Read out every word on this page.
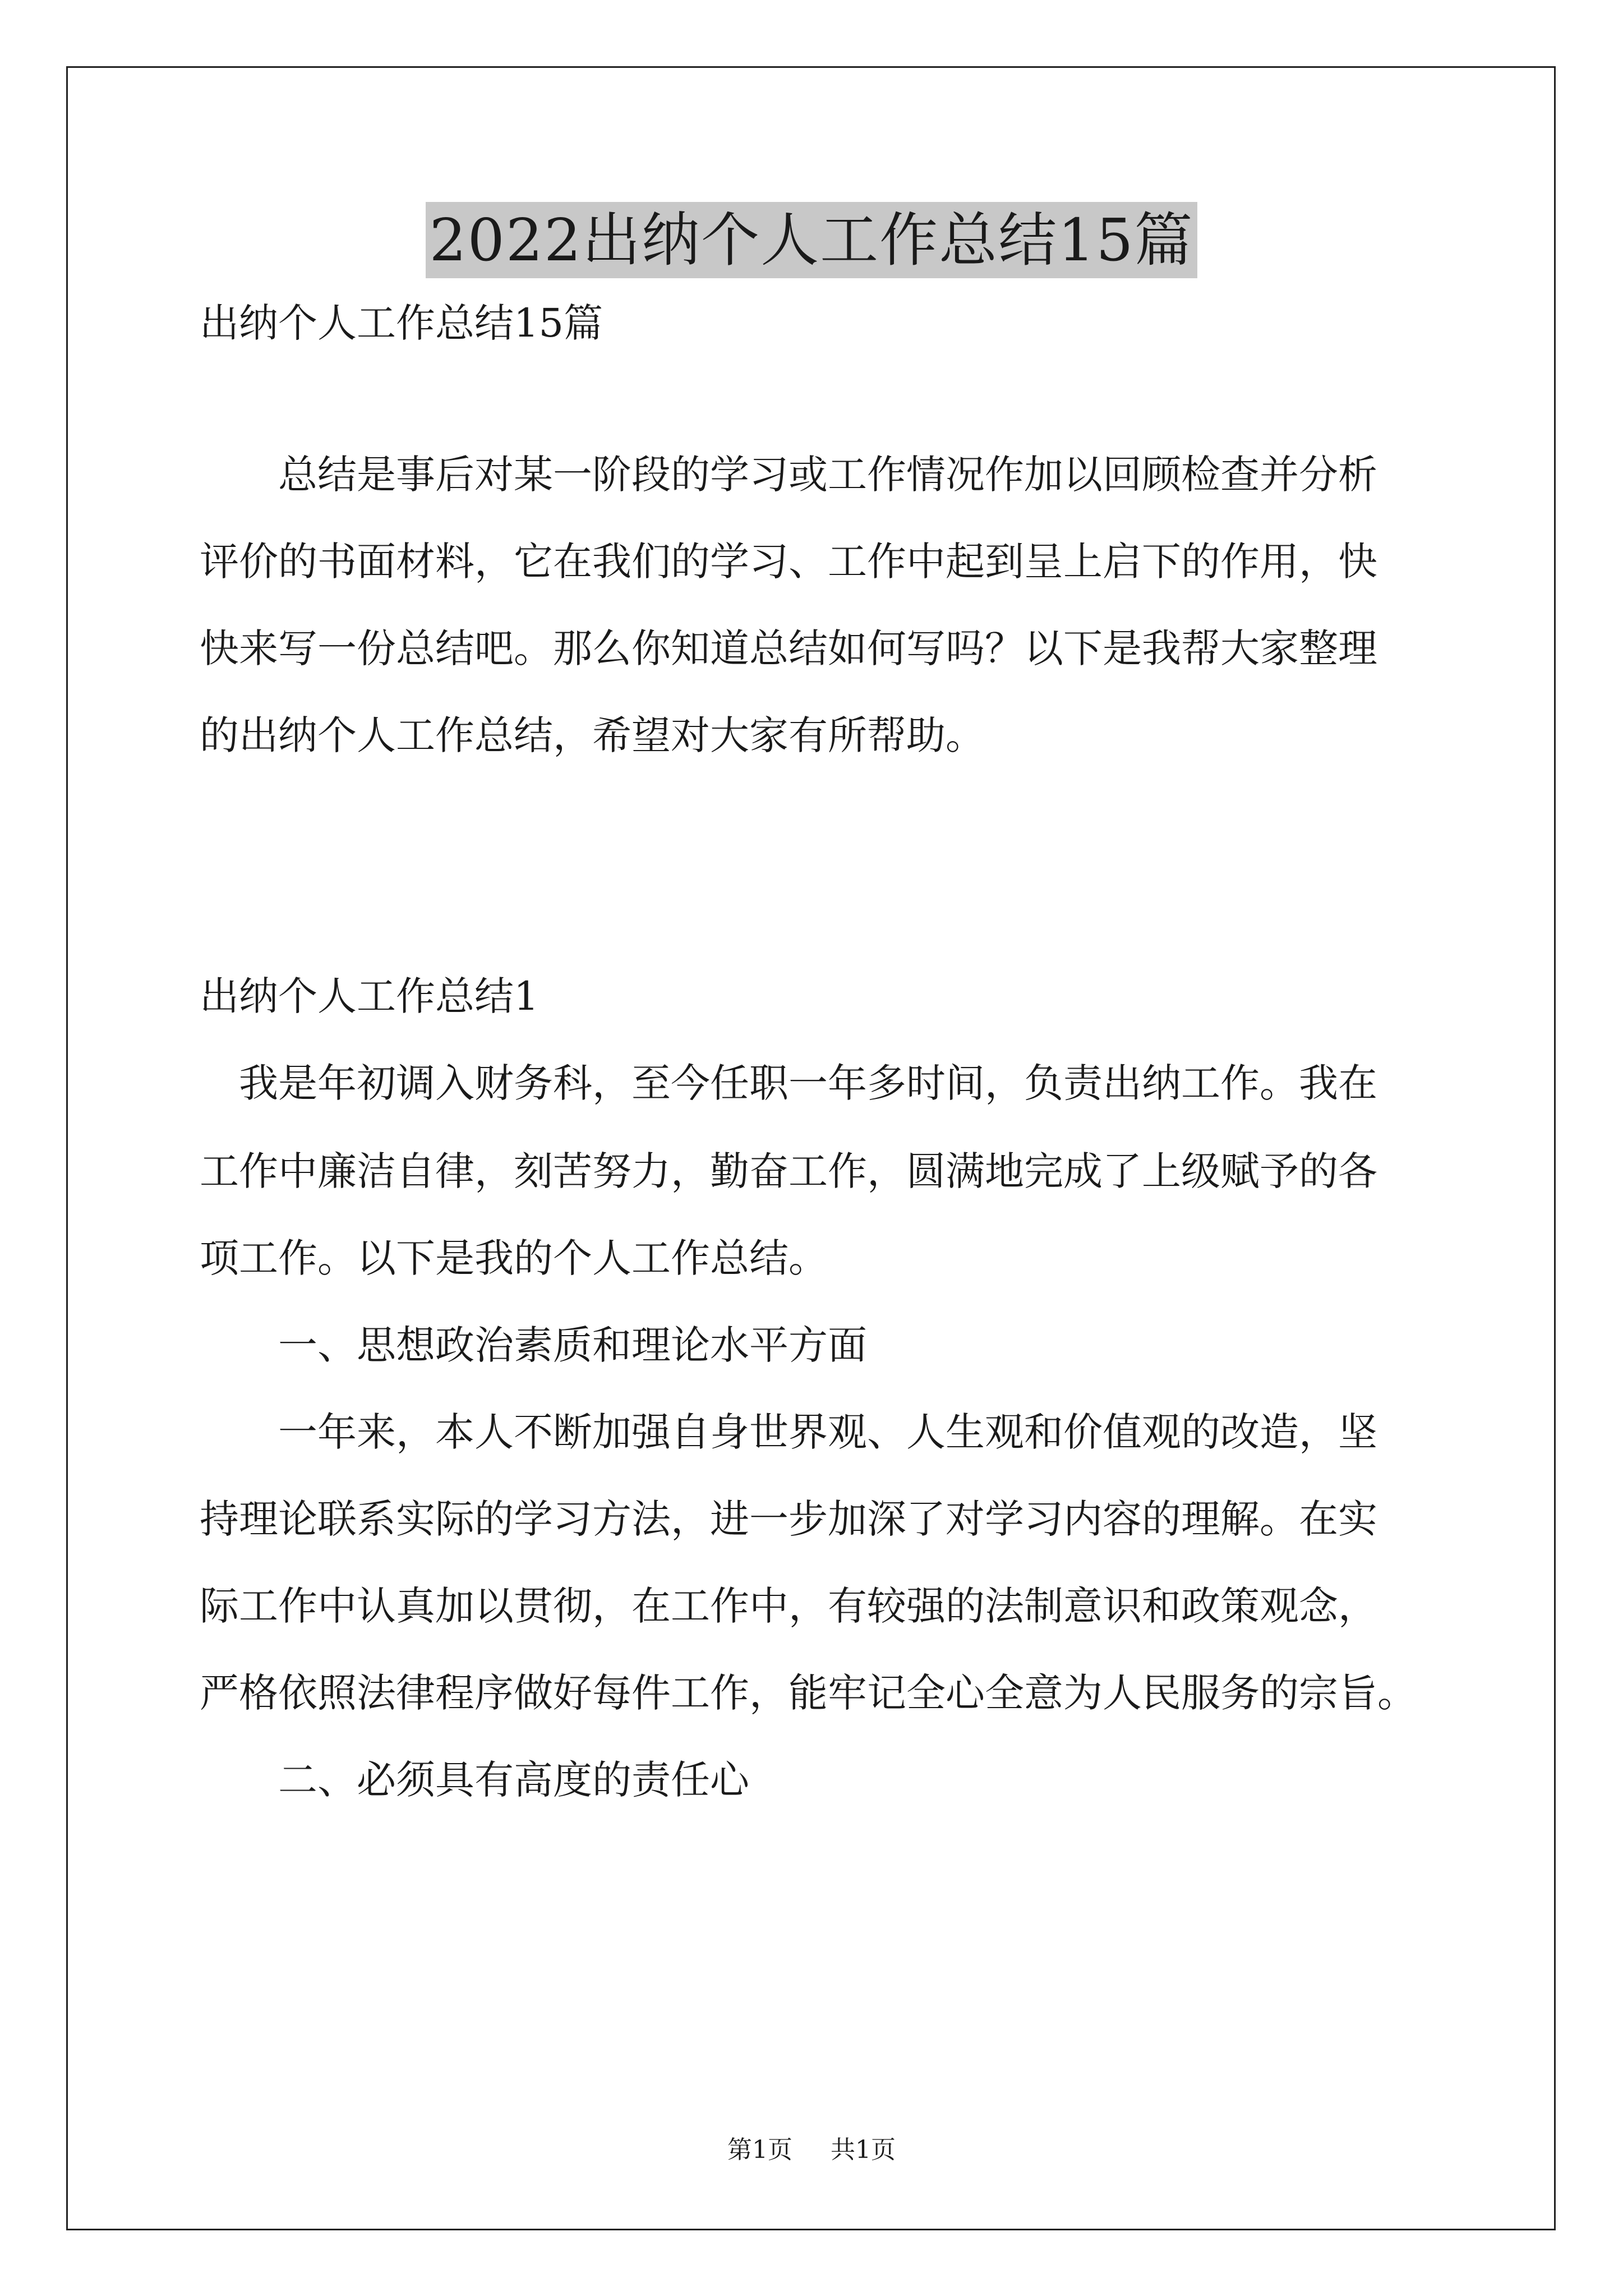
2022出纳个人工作总结15篇
出纳个人工作总结15篇
总结是事后对某一阶段的学习或工作情况作加以回顾检查并分析
评价的书面材料，它在我们的学习、工作中起到呈上启下的作用，快
快来写一份总结吧。那么你知道总结如何写吗？以下是我帮大家整理
的出纳个人工作总结，希望对大家有所帮助。
出纳个人工作总结1
我是年初调入财务科，至今任职一年多时间，负责出纳工作。我在
工作中廉洁自律，刻苦努力，勤奋工作，圆满地完成了上级赋予的各
项工作。以下是我的个人工作总结。
一、思想政治素质和理论水平方面
一年来，本人不断加强自身世界观、人生观和价值观的改造，坚
持理论联系实际的学习方法，进一步加深了对学习内容的理解。在实
际工作中认真加以贯彻，在工作中，有较强的法制意识和政策观念，
严格依照法律程序做好每件工作，能牢记全心全意为人民服务的宗旨。
二、必须具有高度的责任心
第1页 共1页
